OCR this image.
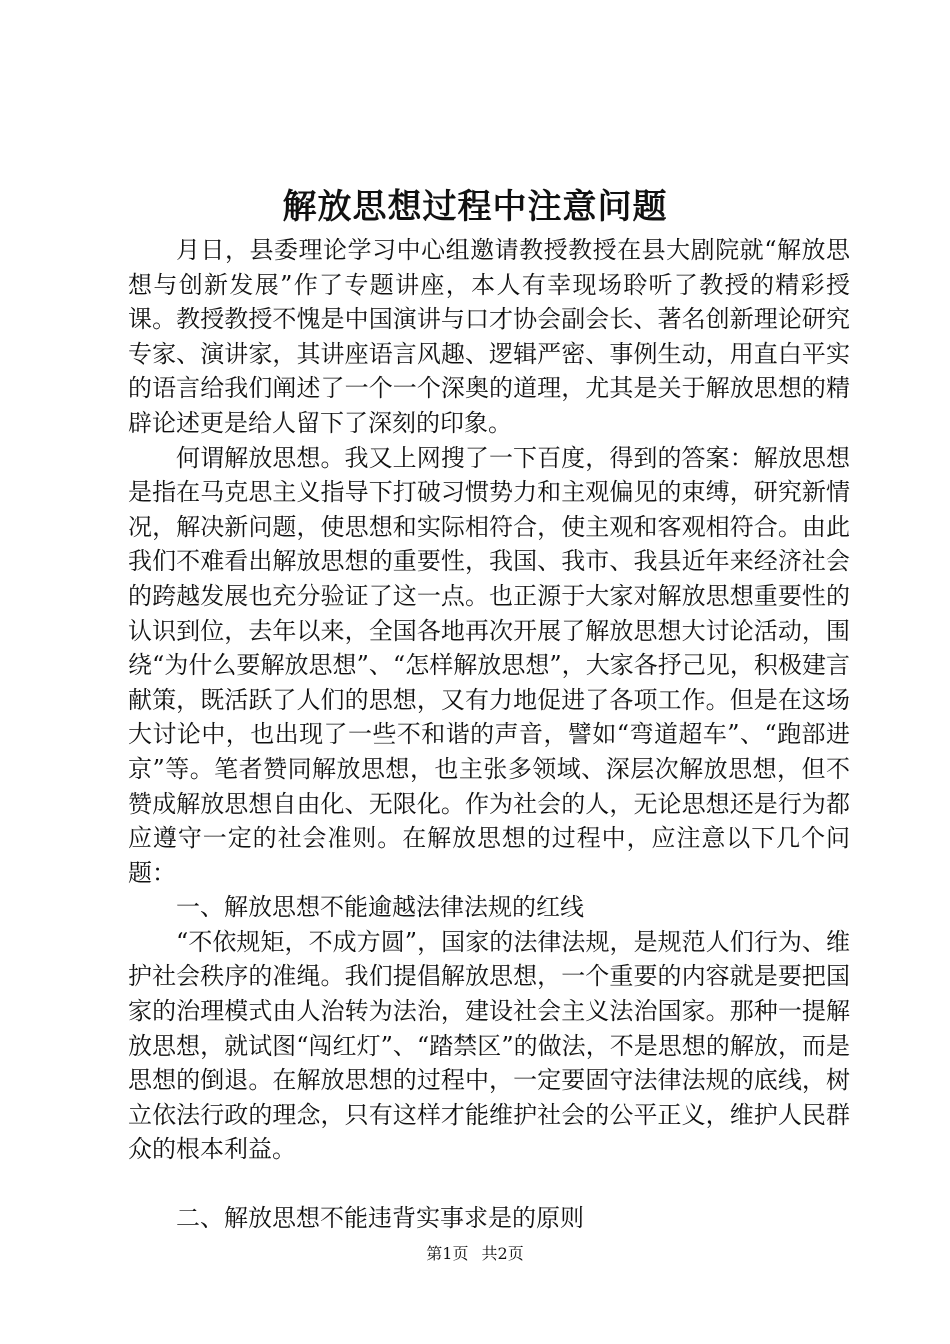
解放思想过程中注意问题

月日，县委理论学习中心组邀请教授教授在县大剧院就“解放思想与创新发展”作了专题讲座，本人有幸现场聆听了教授的精彩授课。教授教授不愧是中国演讲与口才协会副会长、著名创新理论研究专家、演讲家，其讲座语言风趣、逻辑严密、事例生动，用直白平实的语言给我们阐述了一个一个深奥的道理，尤其是关于解放思想的精辟论述更是给人留下了深刻的印象。

何谓解放思想。我又上网搜了一下百度，得到的答案：解放思想是指在马克思主义指导下打破习惯势力和主观偏见的束缚，研究新情况，解决新问题，使思想和实际相符合，使主观和客观相符合。由此我们不难看出解放思想的重要性，我国、我市、我县近年来经济社会的跨越发展也充分验证了这一点。也正源于大家对解放思想重要性的认识到位，去年以来，全国各地再次开展了解放思想大讨论活动，围绕“为什么要解放思想”、“怎样解放思想”，大家各抒己见，积极建言献策，既活跃了人们的思想，又有力地促进了各项工作。但是在这场大讨论中，也出现了一些不和谐的声音，譬如“弯道超车”、“跑部进京”等。笔者赞同解放思想，也主张多领域、深层次解放思想，但不赞成解放思想自由化、无限化。作为社会的人，无论思想还是行为都应遵守一定的社会准则。在解放思想的过程中，应注意以下几个问题：

一、解放思想不能逾越法律法规的红线

“不依规矩，不成方圆”，国家的法律法规，是规范人们行为、维护社会秩序的准绳。我们提倡解放思想，一个重要的内容就是要把国家的治理模式由人治转为法治，建设社会主义法治国家。那种一提解放思想，就试图“闯红灯”、“踏禁区”的做法，不是思想的解放，而是思想的倒退。在解放思想的过程中，一定要固守法律法规的底线，树立依法行政的理念，只有这样才能维护社会的公平正义，维护人民群众的根本利益。

二、解放思想不能违背实事求是的原则

第1页 共2页
